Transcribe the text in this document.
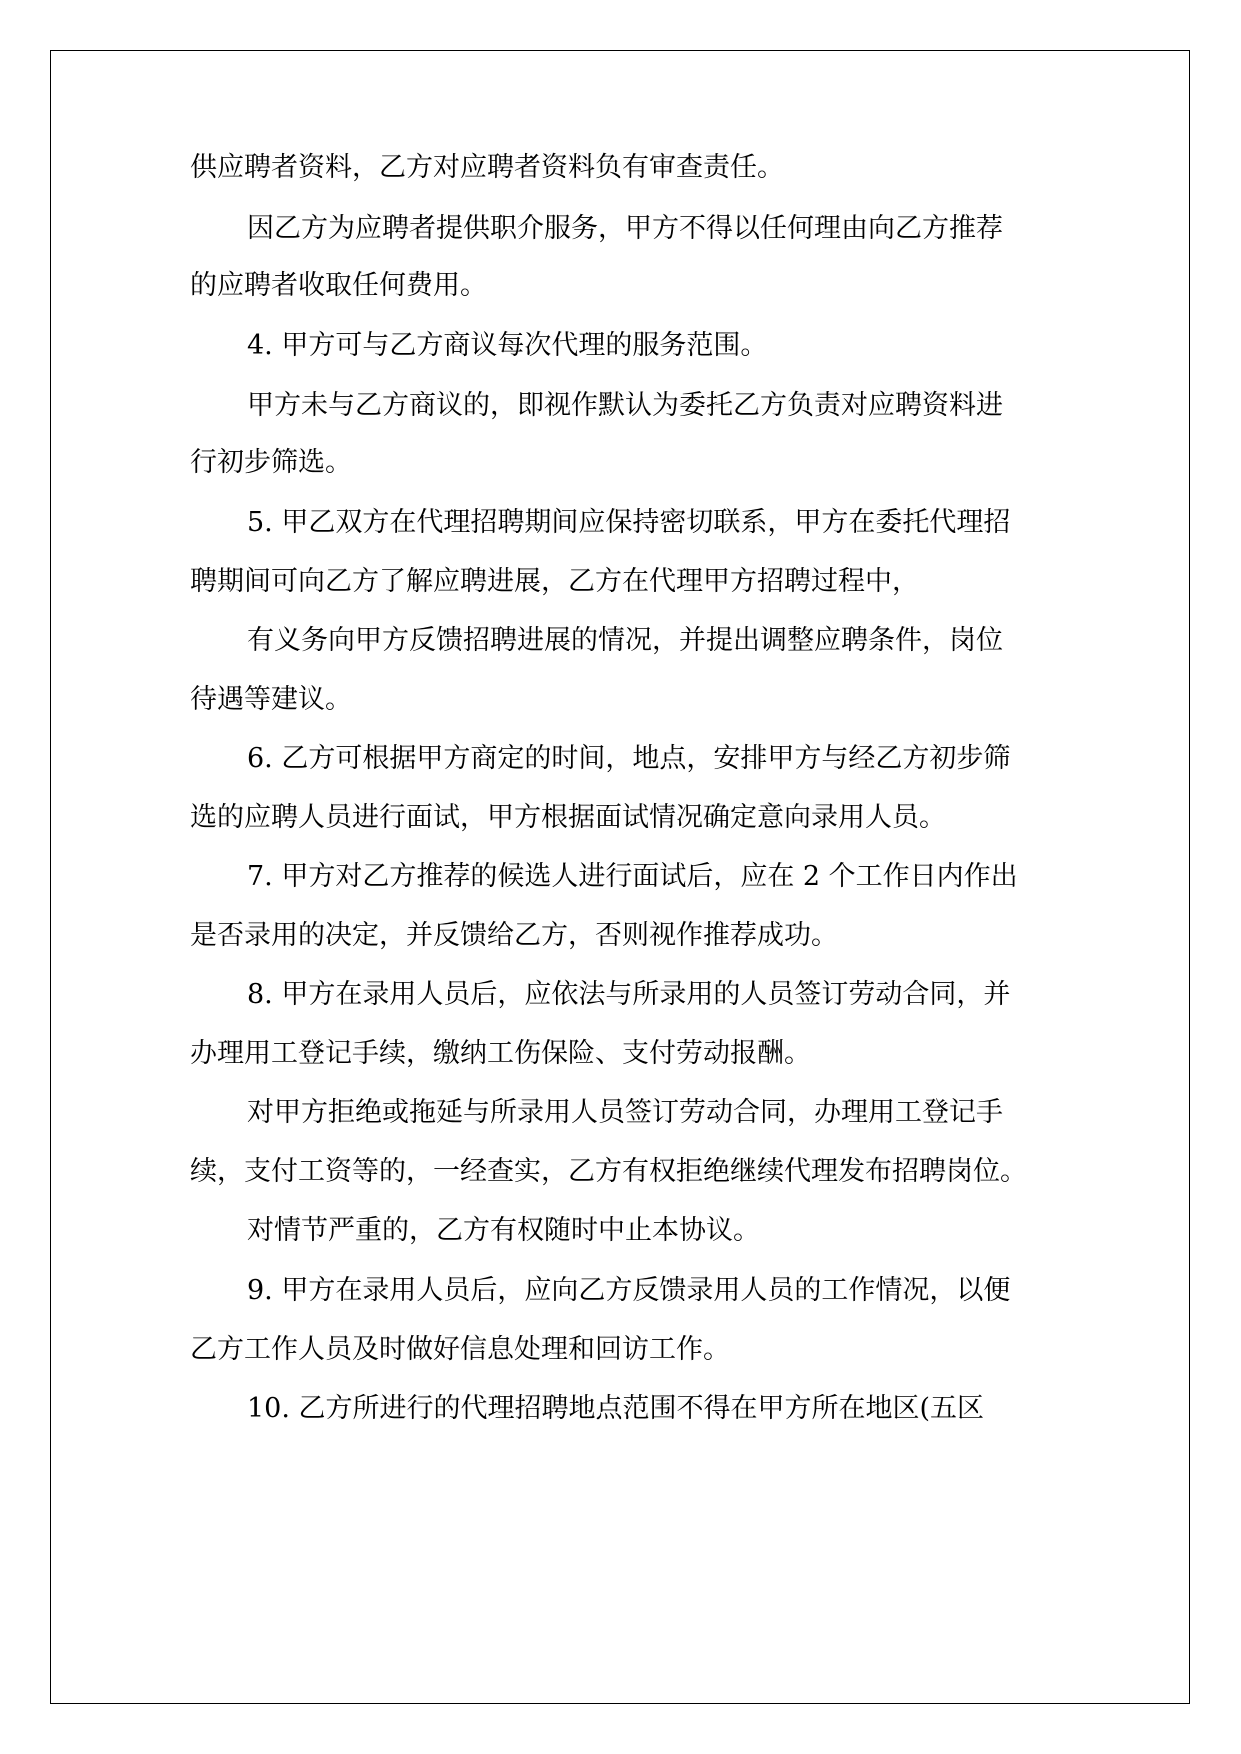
供应聘者资料，乙方对应聘者资料负有审查责任。
因乙方为应聘者提供职介服务，甲方不得以任何理由向乙方推荐
的应聘者收取任何费用。
4. 甲方可与乙方商议每次代理的服务范围。
甲方未与乙方商议的，即视作默认为委托乙方负责对应聘资料进
行初步筛选。
5. 甲乙双方在代理招聘期间应保持密切联系，甲方在委托代理招
聘期间可向乙方了解应聘进展，乙方在代理甲方招聘过程中，
有义务向甲方反馈招聘进展的情况，并提出调整应聘条件，岗位
待遇等建议。
6. 乙方可根据甲方商定的时间，地点，安排甲方与经乙方初步筛
选的应聘人员进行面试，甲方根据面试情况确定意向录用人员。
7. 甲方对乙方推荐的候选人进行面试后，应在 2 个工作日内作出
是否录用的决定，并反馈给乙方，否则视作推荐成功。
8. 甲方在录用人员后，应依法与所录用的人员签订劳动合同，并
办理用工登记手续，缴纳工伤保险、支付劳动报酬。
对甲方拒绝或拖延与所录用人员签订劳动合同，办理用工登记手
续，支付工资等的，一经查实，乙方有权拒绝继续代理发布招聘岗位。
对情节严重的，乙方有权随时中止本协议。
9. 甲方在录用人员后，应向乙方反馈录用人员的工作情况，以便
乙方工作人员及时做好信息处理和回访工作。
10. 乙方所进行的代理招聘地点范围不得在甲方所在地区(五区
